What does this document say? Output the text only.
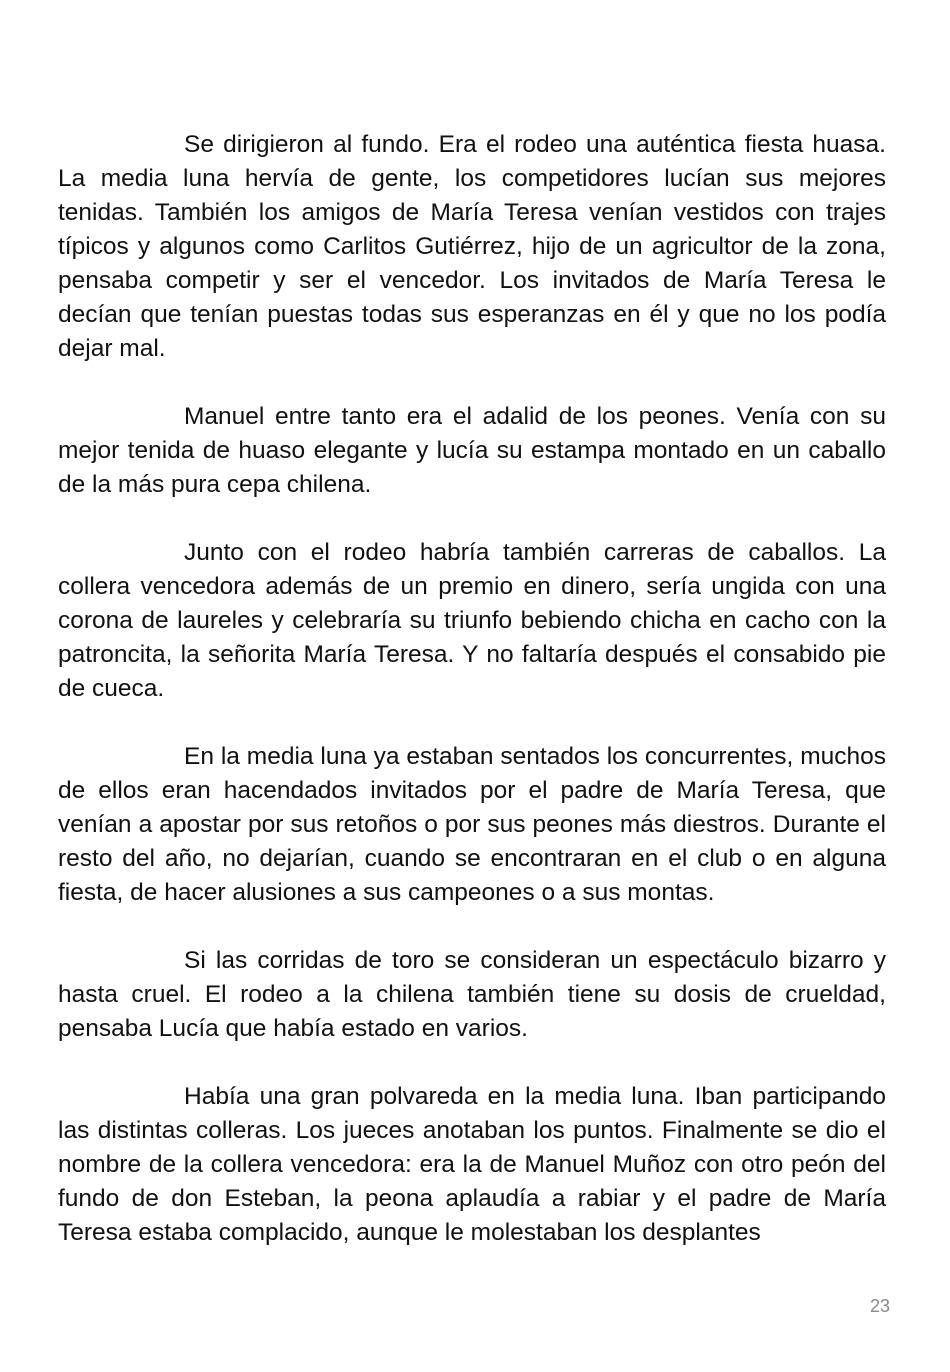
Se dirigieron al fundo. Era el rodeo una auténtica fiesta huasa. La media luna hervía de gente, los competidores lucían sus mejores tenidas. También los amigos de María Teresa venían vestidos con trajes típicos y algunos como Carlitos Gutiérrez, hijo de un agricultor de la zona, pensaba competir y ser el vencedor. Los invitados de María Teresa le decían que tenían puestas todas sus esperanzas en él y que no los podía dejar mal.

Manuel entre tanto era el adalid de los peones. Venía con su mejor tenida de huaso elegante y lucía su estampa montado en un caballo de la más pura cepa chilena.

Junto con el rodeo habría también carreras de caballos. La collera vencedora además de un premio en dinero, sería ungida con una corona de laureles y celebraría su triunfo bebiendo chicha en cacho con la patroncita, la señorita María Teresa. Y no faltaría después el consabido pie de cueca.

En la media luna ya estaban sentados los concurrentes, muchos de ellos eran hacendados invitados por el padre de María Teresa, que venían a apostar por sus retoños o por sus peones más diestros. Durante el resto del año, no dejarían, cuando se encontraran en el club o en alguna fiesta, de hacer alusiones a sus campeones o a sus montas.

Si las corridas de toro se consideran un espectáculo bizarro y hasta cruel. El rodeo a la chilena también tiene su dosis de crueldad, pensaba Lucía que había estado en varios.

Había una gran polvareda en la media luna. Iban participando las distintas colleras. Los jueces anotaban los puntos. Finalmente se dio el nombre de la collera vencedora: era la de Manuel Muñoz con otro peón del fundo de don Esteban, la peona aplaudía a rabiar y el padre de María Teresa estaba complacido, aunque le molestaban los desplantes

23
